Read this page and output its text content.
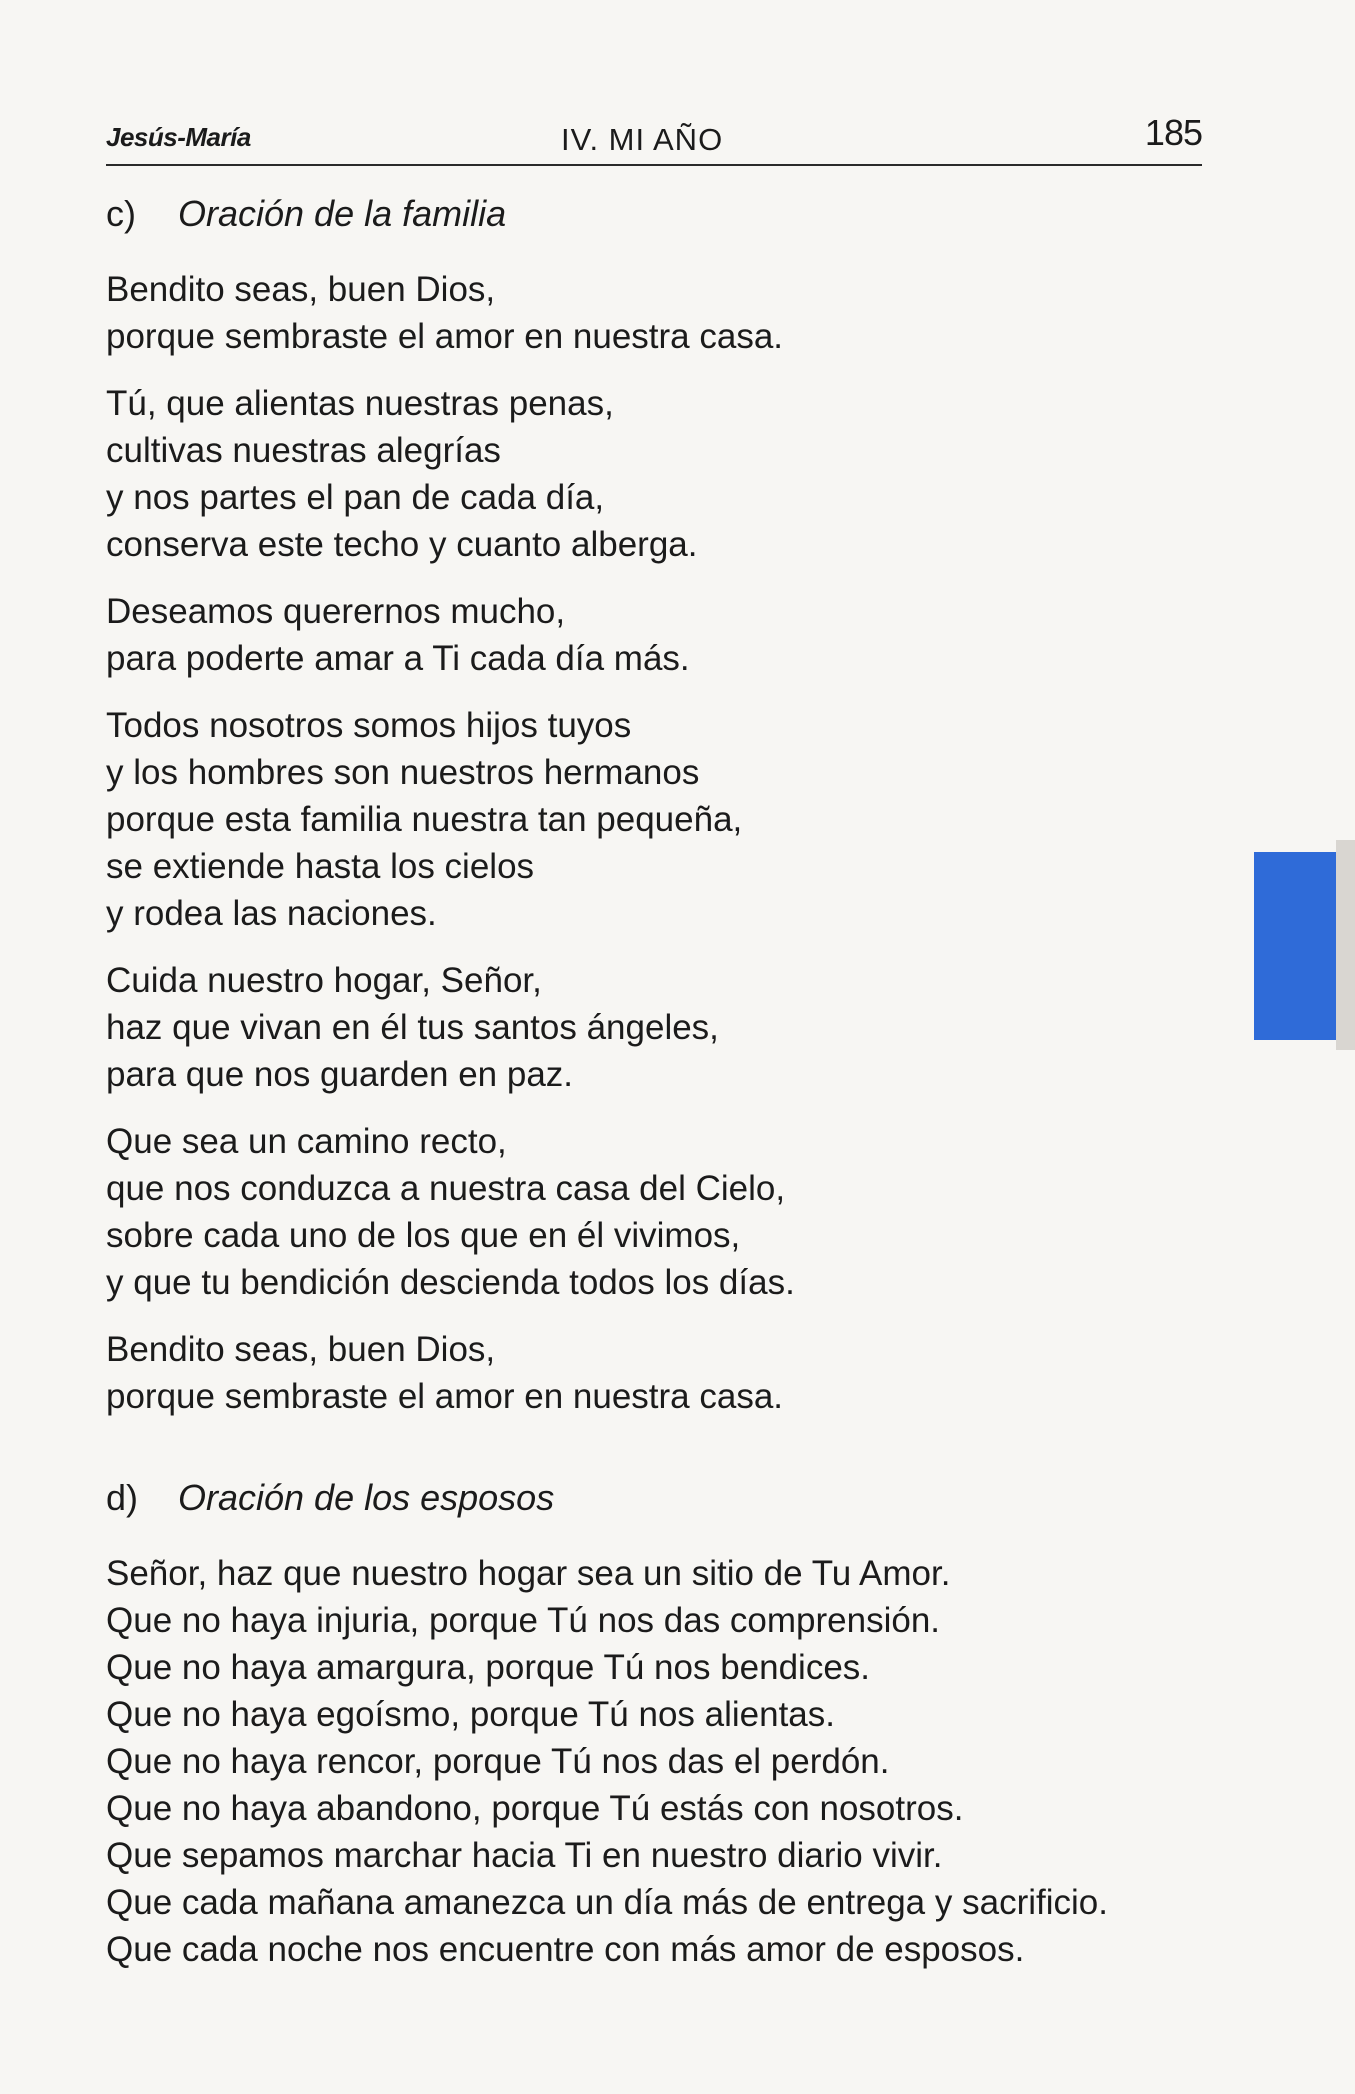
Jesús-María	IV. MI AÑO	185
c) Oración de la familia
Bendito seas, buen Dios,
porque sembraste el amor en nuestra casa.
Tú, que alientas nuestras penas,
cultivas nuestras alegrías
y nos partes el pan de cada día,
conserva este techo y cuanto alberga.
Deseamos querernos mucho,
para poderte amar a Ti cada día más.
Todos nosotros somos hijos tuyos
y los hombres son nuestros hermanos
porque esta familia nuestra tan pequeña,
se extiende hasta los cielos
y rodea las naciones.
Cuida nuestro hogar, Señor,
haz que vivan en él tus santos ángeles,
para que nos guarden en paz.
Que sea un camino recto,
que nos conduzca a nuestra casa del Cielo,
sobre cada uno de los que en él vivimos,
y que tu bendición descienda todos los días.
Bendito seas, buen Dios,
porque sembraste el amor en nuestra casa.
d) Oración de los esposos
Señor, haz que nuestro hogar sea un sitio de Tu Amor.
Que no haya injuria, porque Tú nos das comprensión.
Que no haya amargura, porque Tú nos bendices.
Que no haya egoísmo, porque Tú nos alientas.
Que no haya rencor, porque Tú nos das el perdón.
Que no haya abandono, porque Tú estás con nosotros.
Que sepamos marchar hacia Ti en nuestro diario vivir.
Que cada mañana amanezca un día más de entrega y sacrificio.
Que cada noche nos encuentre con más amor de esposos.
